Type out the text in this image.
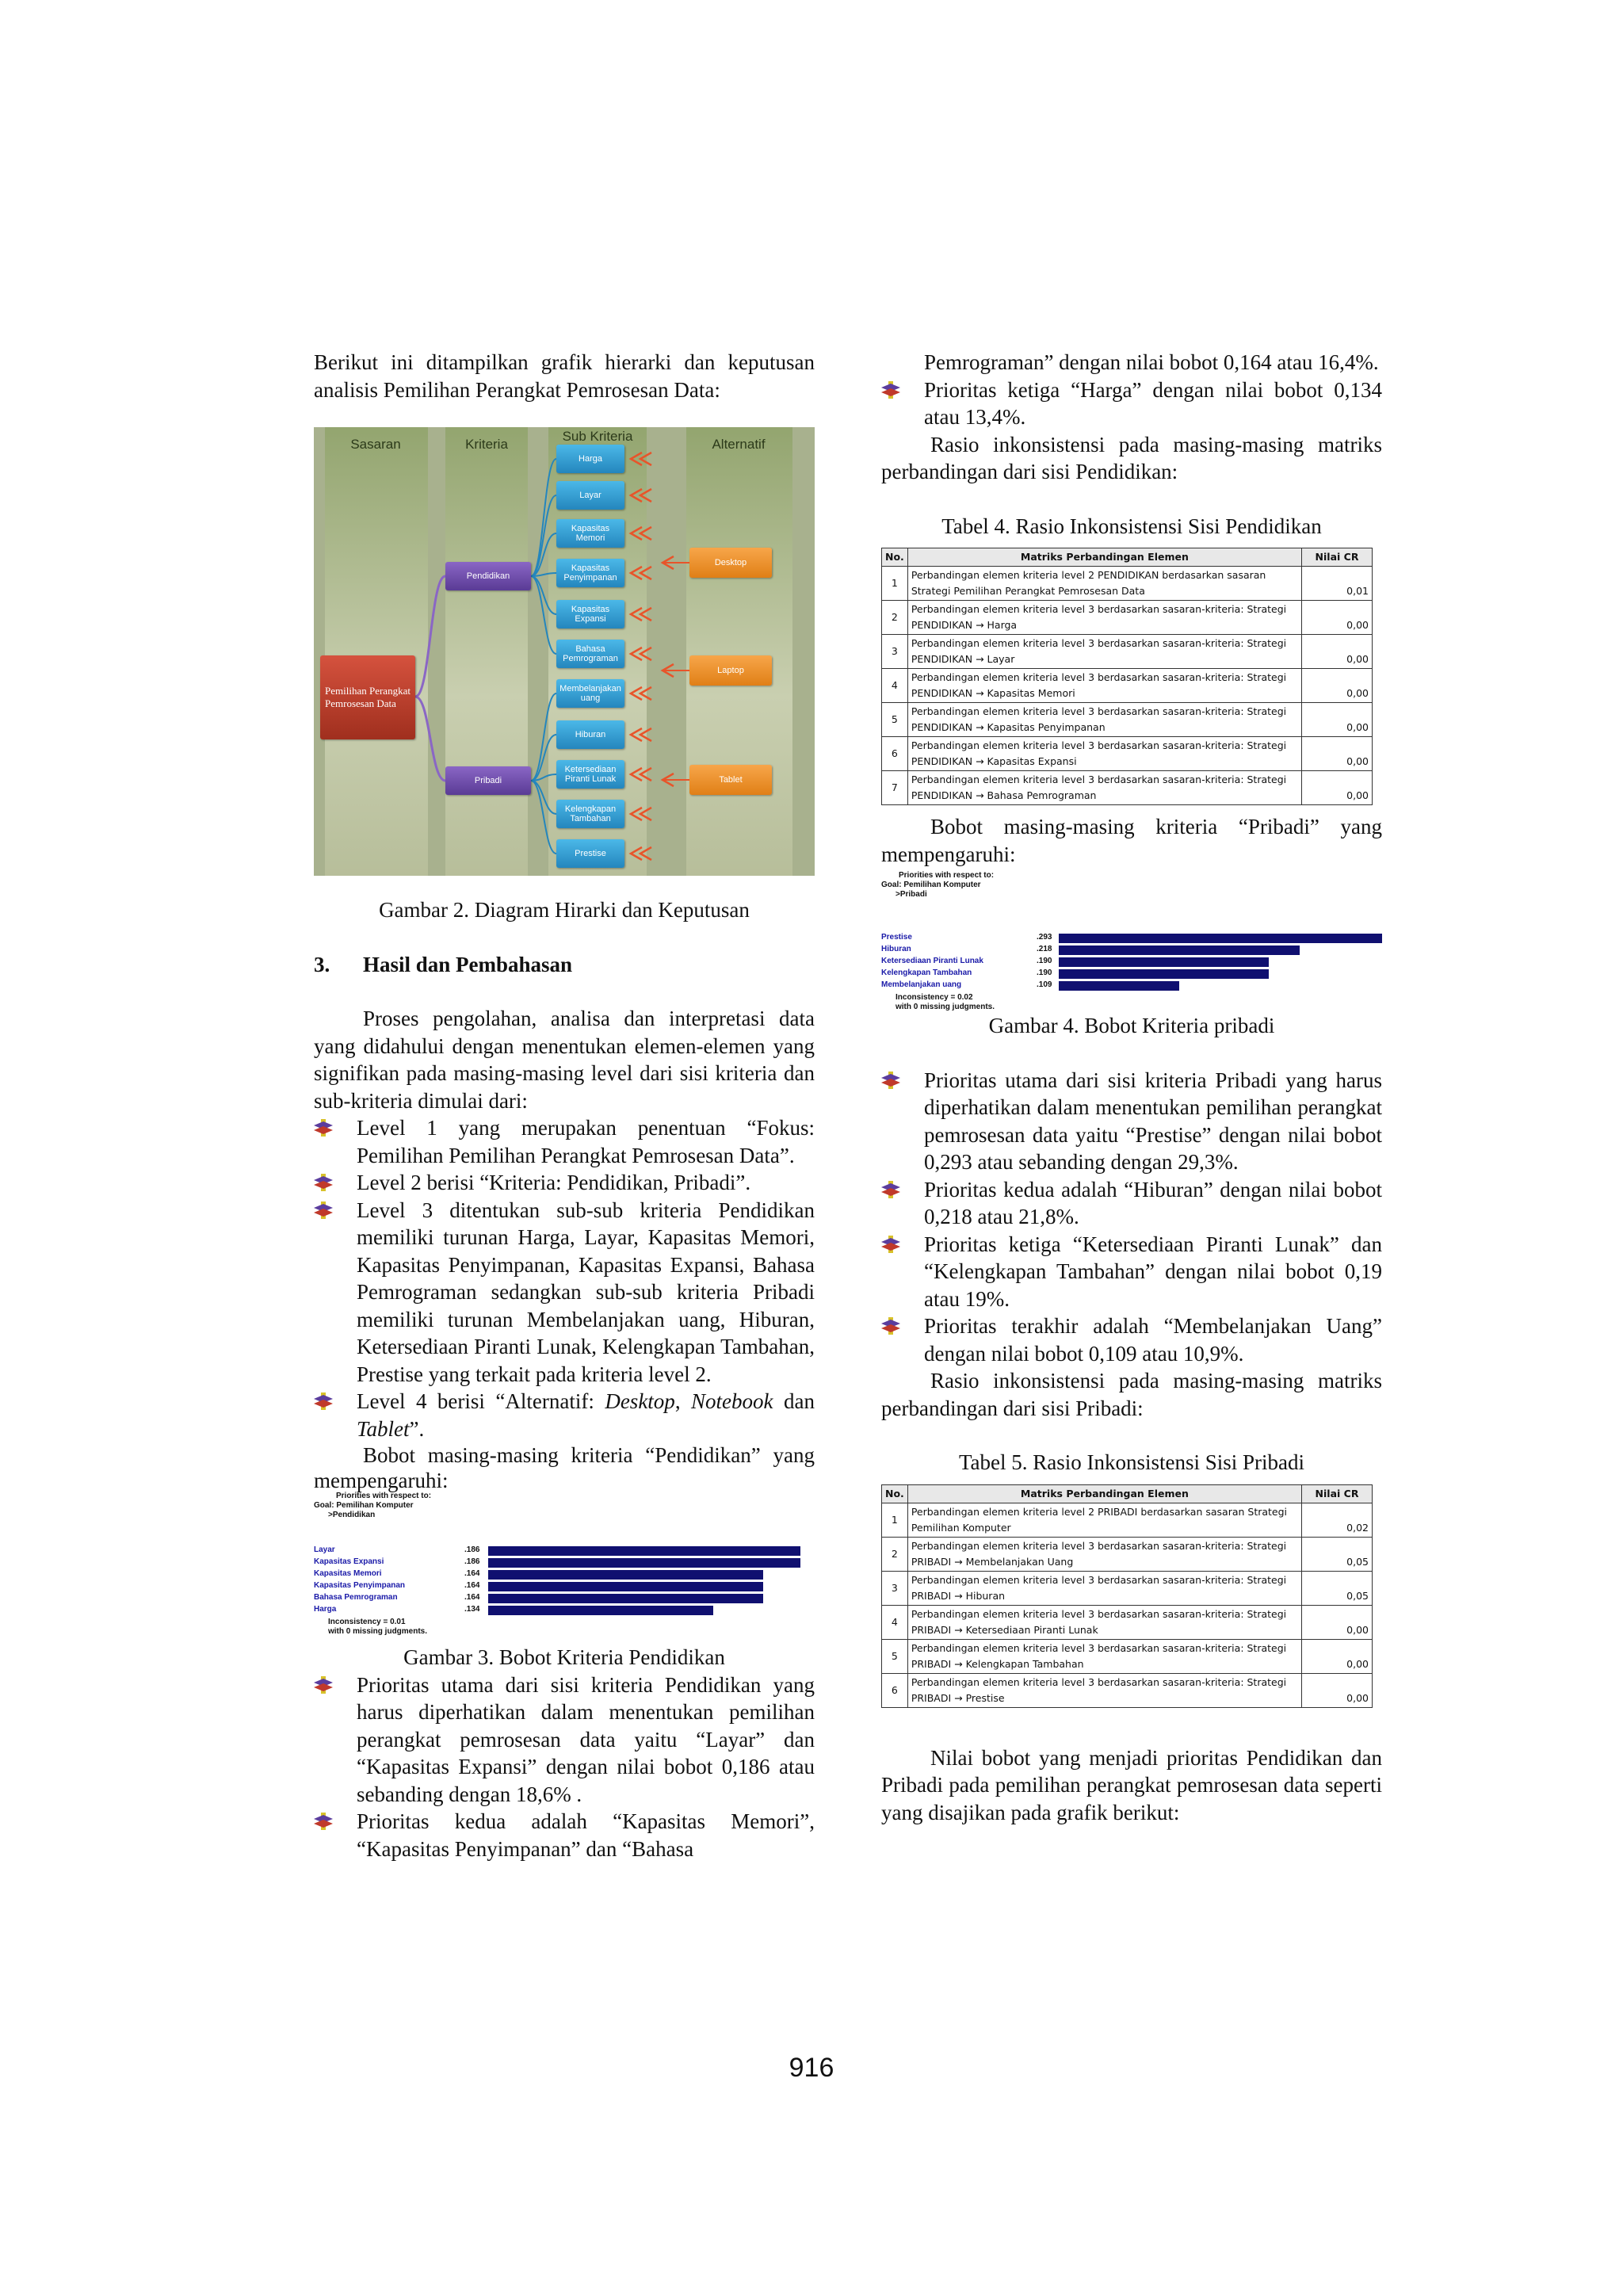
Berikut ini ditampilkan grafik hierarki dan keputusan analisis Pemilihan Perangkat Pemrosesan Data:

Sasaran	Kriteria
Sub Kriteria
Alternatif
Pemilihan Perangkat Pemrosesan Data
Pendidikan
Pribadi
Harga
Layar
Kapasitas Memori
Kapasitas Penyimpanan
Kapasitas Expansi
Bahasa Pemrograman
Membelanjakan uang
Hiburan
Ketersediaan Piranti Lunak
Kelengkapan Tambahan
Prestise
Desktop
Laptop
Tablet

Gambar 2. Diagram Hirarki dan Keputusan

3. Hasil dan Pembahasan

Proses pengolahan, analisa dan interpretasi data yang didahului dengan menentukan elemen-elemen yang signifikan pada masing-masing level dari sisi kriteria dan sub-kriteria dimulai dari:

Level 1 yang merupakan penentuan “Fokus: Pemilihan Pemilihan Perangkat Pemrosesan Data”.
Level 2 berisi “Kriteria: Pendidikan, Pribadi”.
Level 3 ditentukan sub-sub kriteria Pendidikan memiliki turunan Harga, Layar, Kapasitas Memori, Kapasitas Penyimpanan, Kapasitas Expansi, Bahasa Pemrograman sedangkan sub-sub kriteria Pribadi memiliki turunan Membelanjakan uang, Hiburan, Ketersediaan Piranti Lunak, Kelengkapan Tambahan, Prestise yang terkait pada kriteria level 2.
Level 4 berisi “Alternatif: Desktop, Notebook dan Tablet”.

Bobot masing-masing kriteria “Pendidikan” yang mempengaruhi:

Priorities with respect to:
Goal: Pemilihan Komputer
>Pendidikan
Layar	.186
Kapasitas Expansi	.186
Kapasitas Memori	.164
Kapasitas Penyimpanan	.164
Bahasa Pemrograman	.164
Harga	.134
Inconsistency = 0.01
with 0 missing judgments.

Gambar 3. Bobot Kriteria Pendidikan

Prioritas utama dari sisi kriteria Pendidikan yang harus diperhatikan dalam menentukan pemilihan perangkat pemrosesan data yaitu “Layar” dan “Kapasitas Expansi” dengan nilai bobot 0,186 atau sebanding dengan 18,6% .
Prioritas kedua adalah “Kapasitas Memori”, “Kapasitas Penyimpanan” dan “Bahasa

Pemrograman” dengan nilai bobot 0,164 atau 16,4%.

Prioritas ketiga “Harga” dengan nilai bobot 0,134 atau 13,4%.

Rasio inkonsistensi pada masing-masing matriks perbandingan dari sisi Pendidikan:

Tabel 4. Rasio Inkonsistensi Sisi Pendidikan

No.	Matriks Perbandingan Elemen	Nilai CR
1	Perbandingan elemen kriteria level 2 PENDIDIKAN berdasarkan sasaran Strategi Pemilihan Perangkat Pemrosesan Data	0,01
2	Perbandingan elemen kriteria level 3 berdasarkan sasaran-kriteria: Strategi PENDIDIKAN → Harga	0,00
3	Perbandingan elemen kriteria level 3 berdasarkan sasaran-kriteria: Strategi PENDIDIKAN → Layar	0,00
4	Perbandingan elemen kriteria level 3 berdasarkan sasaran-kriteria: Strategi PENDIDIKAN → Kapasitas Memori	0,00
5	Perbandingan elemen kriteria level 3 berdasarkan sasaran-kriteria: Strategi PENDIDIKAN → Kapasitas Penyimpanan	0,00
6	Perbandingan elemen kriteria level 3 berdasarkan sasaran-kriteria: Strategi PENDIDIKAN → Kapasitas Expansi	0,00
7	Perbandingan elemen kriteria level 3 berdasarkan sasaran-kriteria: Strategi PENDIDIKAN → Bahasa Pemrograman	0,00

Bobot masing-masing kriteria “Pribadi” yang mempengaruhi:

Priorities with respect to:
Goal: Pemilihan Komputer
>Pribadi
Prestise	.293
Hiburan	.218
Ketersediaan Piranti Lunak	.190
Kelengkapan Tambahan	.190
Membelanjakan uang	.109
Inconsistency = 0.02
with 0 missing judgments.

Gambar 4. Bobot Kriteria pribadi

Prioritas utama dari sisi kriteria Pribadi yang harus diperhatikan dalam menentukan pemilihan perangkat pemrosesan data yaitu “Prestise” dengan nilai bobot 0,293 atau sebanding dengan 29,3%.
Prioritas kedua adalah “Hiburan” dengan nilai bobot 0,218 atau 21,8%.
Prioritas ketiga “Ketersediaan Piranti Lunak” dan “Kelengkapan Tambahan” dengan nilai bobot 0,19 atau 19%.
Prioritas terakhir adalah “Membelanjakan Uang” dengan nilai bobot 0,109 atau 10,9%.

Rasio inkonsistensi pada masing-masing matriks perbandingan dari sisi Pribadi:

Tabel 5. Rasio Inkonsistensi Sisi Pribadi

No.	Matriks Perbandingan Elemen	Nilai CR
1	Perbandingan elemen kriteria level 2 PRIBADI berdasarkan sasaran Strategi Pemilihan Komputer	0,02
2	Perbandingan elemen kriteria level 3 berdasarkan sasaran-kriteria: Strategi PRIBADI → Membelanjakan Uang	0,05
3	Perbandingan elemen kriteria level 3 berdasarkan sasaran-kriteria: Strategi PRIBADI → Hiburan	0,05
4	Perbandingan elemen kriteria level 3 berdasarkan sasaran-kriteria: Strategi PRIBADI → Ketersediaan Piranti Lunak	0,00
5	Perbandingan elemen kriteria level 3 berdasarkan sasaran-kriteria: Strategi PRIBADI → Kelengkapan Tambahan	0,00
6	Perbandingan elemen kriteria level 3 berdasarkan sasaran-kriteria: Strategi PRIBADI → Prestise	0,00

Nilai bobot yang menjadi prioritas Pendidikan dan Pribadi pada pemilihan perangkat pemrosesan data seperti yang disajikan pada grafik berikut:

916
